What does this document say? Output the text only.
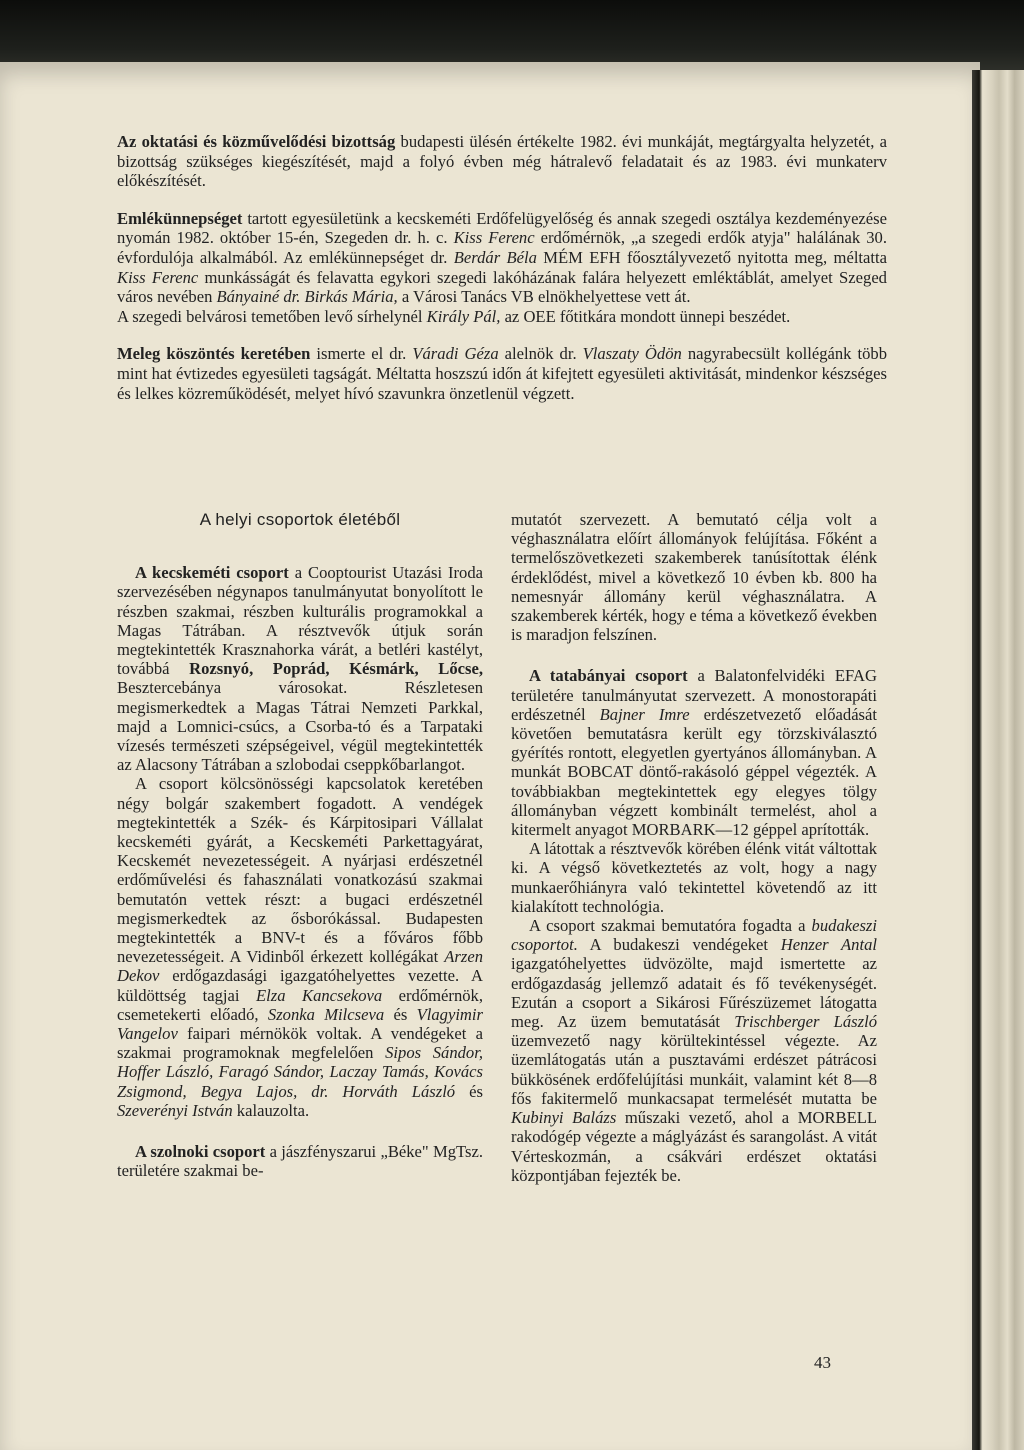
Az oktatási és közművelődési bizottság budapesti ülésén értékelte 1982. évi munkáját, megtárgyalta helyzetét, a bizottság szükséges kiegészítését, majd a folyó évben még hátralevő feladatait és az 1983. évi munkaterv előkészítését.

Emlékünnepséget tartott egyesületünk a kecskeméti Erdőfelügyelőség és annak szegedi osztálya kezdeményezése nyomán 1982. október 15-én, Szegeden dr. h. c. Kiss Ferenc erdőmérnök, „a szegedi erdők atyja" halálának 30. évfordulója alkalmából. Az emlékünnepséget dr. Berdár Béla MÉM EFH főosztályvezető nyitotta meg, méltatta Kiss Ferenc munkásságát és felavatta egykori szegedi lakóházának falára helyezett emléktáblát, amelyet Szeged város nevében Bányainé dr. Birkás Mária, a Városi Tanács VB elnökhelyettese vett át.

A szegedi belvárosi temetőben levő sírhelynél Király Pál, az OEE főtitkára mondott ünnepi beszédet.

Meleg köszöntés keretében ismerte el dr. Váradi Géza alelnök dr. Vlaszaty Ödön nagyrabecsült kollégánk több mint hat évtizedes egyesületi tagságát. Méltatta hoszszú időn át kifejtett egyesületi aktivitását, mindenkor készséges és lelkes közreműködését, melyet hívó szavunkra önzetlenül végzett.

A helyi csoportok életéből

A kecskeméti csoport a Cooptourist Utazási Iroda szervezésében négynapos tanulmányutat bonyolított le részben szakmai, részben kulturális programokkal a Magas Tátrában. A résztvevők útjuk során megtekintették Krasznahorka várát, a betléri kastélyt, továbbá Rozsnyó, Poprád, Késmárk, Lőcse, Besztercebánya városokat. Részletesen megismerkedtek a Magas Tátrai Nemzeti Parkkal, majd a Lomnici-csúcs, a Csorba-tó és a Tarpataki vízesés természeti szépségeivel, végül megtekintették az Alacsony Tátrában a szlobodai cseppkőbarlangot.

A csoport kölcsönösségi kapcsolatok keretében négy bolgár szakembert fogadott. A vendégek megtekintették a Szék- és Kárpitosipari Vállalat kecskeméti gyárát, a Kecskeméti Parkettagyárat, Kecskemét nevezetességeit. A nyárjasi erdészetnél erdőművelési és fahasználati vonatkozású szakmai bemutatón vettek részt: a bugaci erdészetnél megismerkedtek az ősborókással. Budapesten megtekintették a BNV-t és a főváros főbb nevezetességeit. A Vidinből érkezett kollégákat Arzen Dekov erdőgazdasági igazgatóhelyettes vezette. A küldöttség tagjai Elza Kancsekova erdőmérnök, csemetekerti előadó, Szonka Milcseva és Vlagyimir Vangelov faipari mérnökök voltak. A vendégeket a szakmai programoknak megfelelően Sipos Sándor, Hoffer László, Faragó Sándor, Laczay Tamás, Kovács Zsigmond, Begya Lajos, dr. Horváth László és Szeverényi István kalauzolta.

A szolnoki csoport a jászfényszarui „Béke" MgTsz. területére szakmai be-

mutatót szervezett. A bemutató célja volt a véghasználatra előírt állományok felújítása. Főként a termelőszövetkezeti szakemberek tanúsítottak élénk érdeklődést, mivel a következő 10 évben kb. 800 ha nemesnyár állomány kerül véghasználatra. A szakemberek kérték, hogy e téma a következő években is maradjon felszínen.

A tatabányai csoport a Balatonfelvidéki EFAG területére tanulmányutat szervezett. A monostorapáti erdészetnél Bajner Imre erdészetvezető előadását követően bemutatásra került egy törzskiválasztó gyérítés rontott, elegyetlen gyertyános állományban. A munkát BOBCAT döntő-rakásoló géppel végezték. A továbbiakban megtekintettek egy elegyes tölgy állományban végzett kombinált termelést, ahol a kitermelt anyagot MORBARK—12 géppel aprították.

A látottak a résztvevők körében élénk vitát váltottak ki. A végső következtetés az volt, hogy a nagy munkaerőhiányra való tekintettel követendő az itt kialakított technológia.

A csoport szakmai bemutatóra fogadta a budakeszi csoportot. A budakeszi vendégeket Henzer Antal igazgatóhelyettes üdvözölte, majd ismertette az erdőgazdaság jellemző adatait és fő tevékenységét. Ezután a csoport a Sikárosi Fűrészüzemet látogatta meg. Az üzem bemutatását Trischberger László üzemvezető nagy körültekintéssel végezte. Az üzemlátogatás után a pusztavámi erdészet pátrácosi bükkösének erdőfelújítási munkáit, valamint két 8—8 fős fakitermelő munkacsapat termelését mutatta be Kubinyi Balázs műszaki vezető, ahol a MORBELL rakodógép végezte a máglyázást és sarangolást. A vitát Vérteskozmán, a csákvári erdészet oktatási központjában fejezték be.

43
